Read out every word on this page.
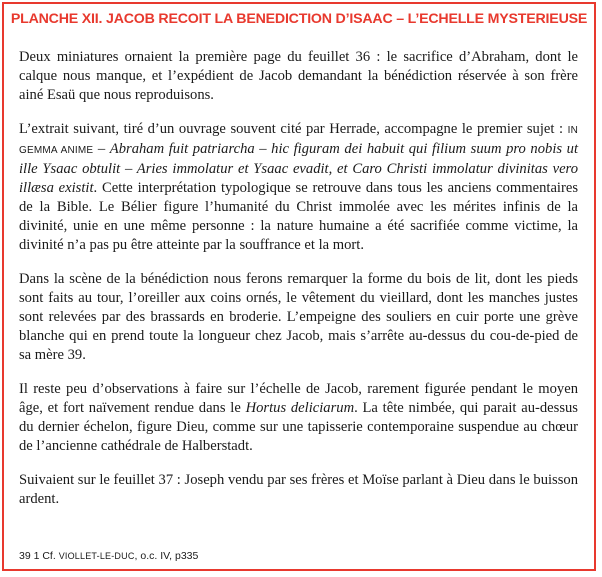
PLANCHE XII. JACOB RECOIT LA BENEDICTION D’ISAAC – L’ECHELLE MYSTERIEUSE

Deux miniatures ornaient la première page du feuillet 36 : le sacrifice d’Abraham, dont le calque nous manque, et l’expédient de Jacob demandant la bénédiction réservée à son frère ainé Esaü que nous reproduisons.

L’extrait suivant, tiré d’un ouvrage souvent cité par Herrade, accompagne le premier sujet : IN GEMMA ANIME – Abraham fuit patriarcha – hic figuram dei habuit qui filium suum pro nobis ut ille Ysaac obtulit – Aries immolatur et Ysaac evadit, et Caro Christi immolatur divinitas vero illæsa existit. Cette interprétation typologique se retrouve dans tous les anciens commentaires de la Bible. Le Bélier figure l’humanité du Christ immolée avec les mérites infinis de la divinité, unie en une même personne : la nature humaine a été sacrifiée comme victime, la divinité n’a pas pu être atteinte par la souffrance et la mort.

Dans la scène de la bénédiction nous ferons remarquer la forme du bois de lit, dont les pieds sont faits au tour, l’oreiller aux coins ornés, le vêtement du vieillard, dont les manches justes sont relevées par des brassards en broderie. L’empeigne des souliers en cuir porte une grève blanche qui en prend toute la longueur chez Jacob, mais s’arrête au-dessus du cou-de-pied de sa mère 39.

Il reste peu d’observations à faire sur l’échelle de Jacob, rarement figurée pendant le moyen âge, et fort naïvement rendue dans le Hortus deliciarum. La tête nimbée, qui parait au-dessus du dernier échelon, figure Dieu, comme sur une tapisserie contemporaine suspendue au chœur de l’ancienne cathédrale de Halberstadt.

Suivaient sur le feuillet 37 : Joseph vendu par ses frères et Moïse parlant à Dieu dans le buisson ardent.

39 1 Cf. VIOLLET-LE-DUC, o.c. IV, p335
